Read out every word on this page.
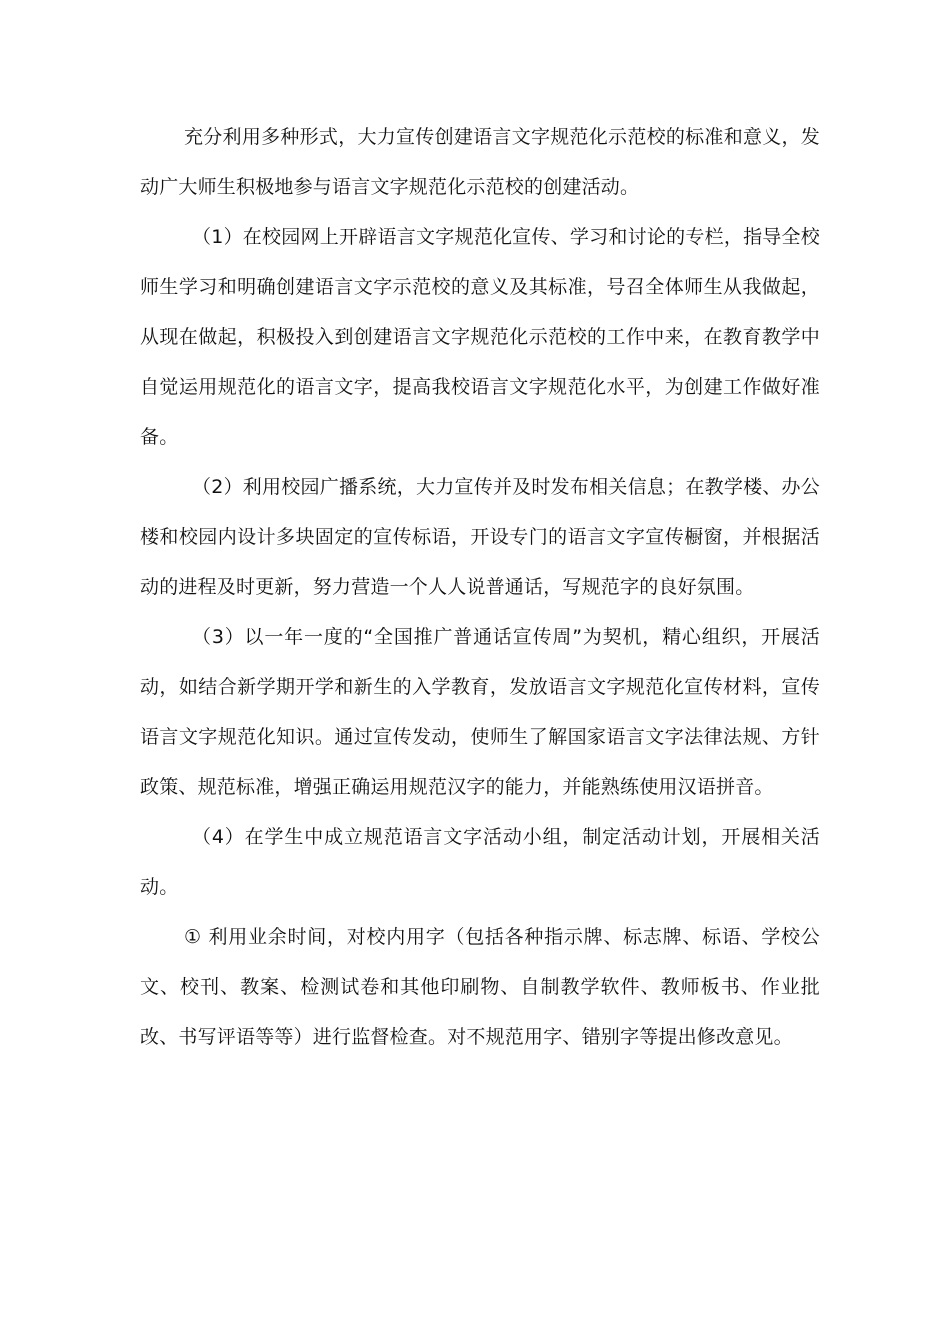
充分利用多种形式，大力宣传创建语言文字规范化示范校的标准和意义，发动广大师生积极地参与语言文字规范化示范校的创建活动。

（1）在校园网上开辟语言文字规范化宣传、学习和讨论的专栏，指导全校师生学习和明确创建语言文字示范校的意义及其标准，号召全体师生从我做起，从现在做起，积极投入到创建语言文字规范化示范校的工作中来，在教育教学中自觉运用规范化的语言文字，提高我校语言文字规范化水平，为创建工作做好准备。

（2）利用校园广播系统，大力宣传并及时发布相关信息；在教学楼、办公楼和校园内设计多块固定的宣传标语，开设专门的语言文字宣传橱窗，并根据活动的进程及时更新，努力营造一个人人说普通话，写规范字的良好氛围。

（3）以一年一度的“全国推广普通话宣传周”为契机，精心组织，开展活动，如结合新学期开学和新生的入学教育，发放语言文字规范化宣传材料，宣传语言文字规范化知识。通过宣传发动，使师生了解国家语言文字法律法规、方针政策、规范标准，增强正确运用规范汉字的能力，并能熟练使用汉语拼音。

（4）在学生中成立规范语言文字活动小组，制定活动计划，开展相关活动。

① 利用业余时间，对校内用字（包括各种指示牌、标志牌、标语、学校公文、校刊、教案、检测试卷和其他印刷物、自制教学软件、教师板书、作业批改、书写评语等等）进行监督检查。对不规范用字、错别字等提出修改意见。
